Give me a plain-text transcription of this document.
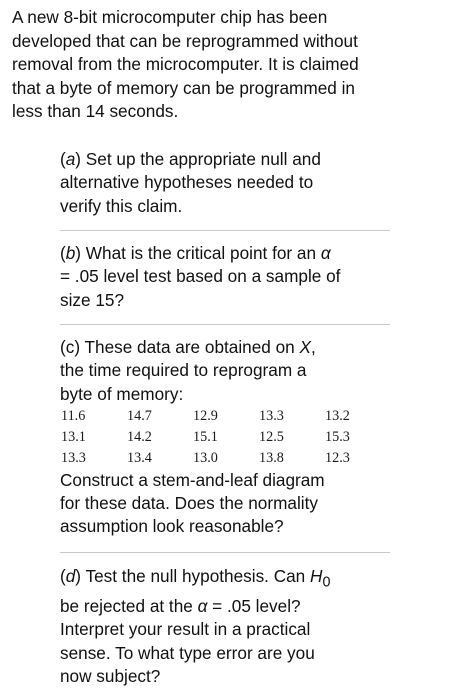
A new 8-bit microcomputer chip has been
developed that can be reprogrammed without
removal from the microcomputer. It is claimed
that a byte of memory can be programmed in
less than 14 seconds.
(a) Set up the appropriate null and
alternative hypotheses needed to
verify this claim.
(b) What is the critical point for an α
= .05 level test based on a sample of
size 15?
(c) These data are obtained on X,
the time required to reprogram a
byte of memory:
11.6	14.7	12.9	13.3	13.2
13.1	14.2	15.1	12.5	15.3
13.3	13.4	13.0	13.8	12.3
Construct a stem-and-leaf diagram
for these data. Does the normality
assumption look reasonable?
(d) Test the null hypothesis. Can $H_0$
be rejected at the α = .05 level?
Interpret your result in a practical
sense. To what type error are you
now subject?
